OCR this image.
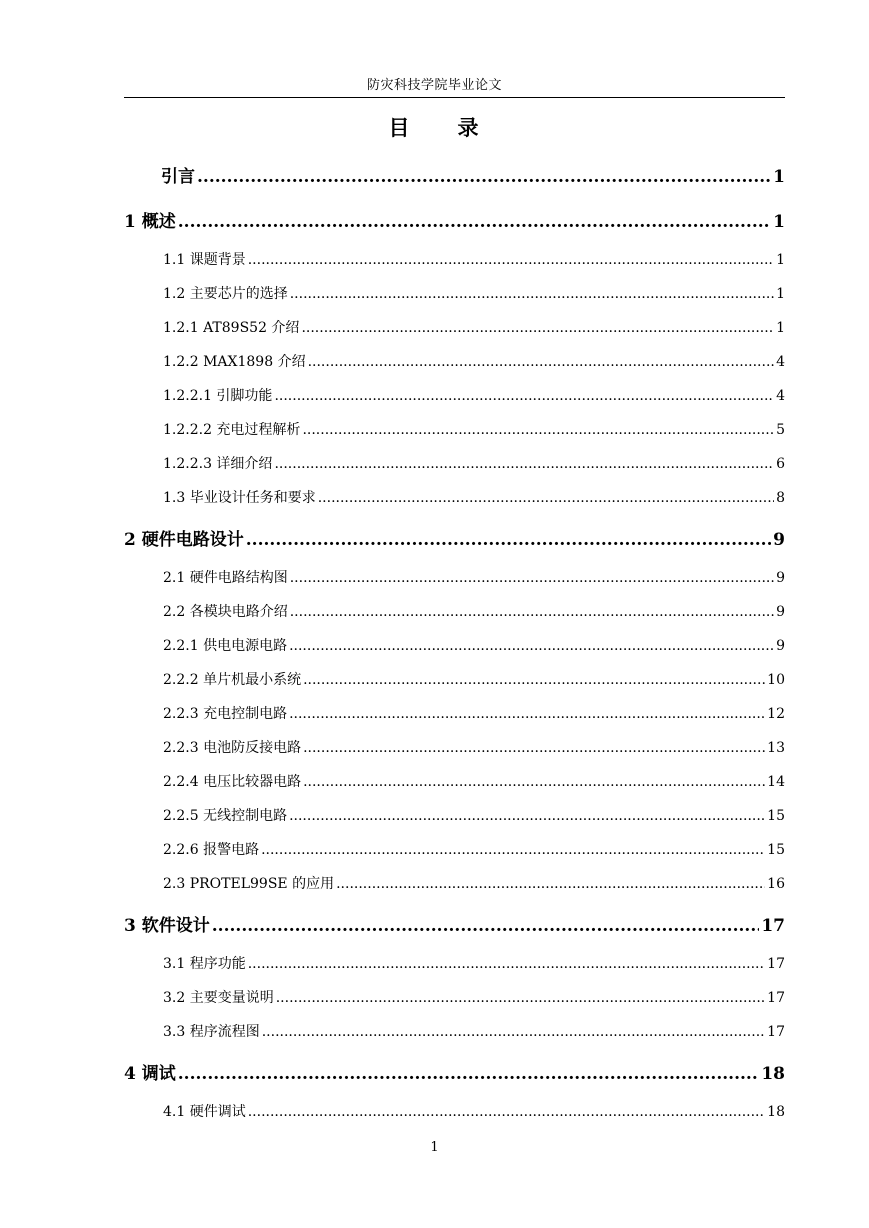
防灾科技学院毕业论文
目　　录
引言 .....	1
1 概述 .....	1
1.1 课题背景 .....	1
1.2 主要芯片的选择 .....	1
1.2.1 AT89S52 介绍 .....	1
1.2.2 MAX1898 介绍 .....	4
1.2.2.1 引脚功能 .....	4
1.2.2.2 充电过程解析 .....	5
1.2.2.3 详细介绍 .....	6
1.3 毕业设计任务和要求 .....	8
2 硬件电路设计 .....	9
2.1 硬件电路结构图 .....	9
2.2 各模块电路介绍 .....	9
2.2.1 供电电源电路 .....	9
2.2.2 单片机最小系统 .....	10
2.2.3 充电控制电路 .....	12
2.2.3 电池防反接电路 .....	13
2.2.4 电压比较器电路 .....	14
2.2.5 无线控制电路 .....	15
2.2.6 报警电路 .....	15
2.3 PROTEL99SE 的应用 .....	16
3 软件设计 .....	17
3.1 程序功能 .....	17
3.2 主要变量说明 .....	17
3.3 程序流程图 .....	17
4 调试 .....	18
4.1 硬件调试 .....	18
1
